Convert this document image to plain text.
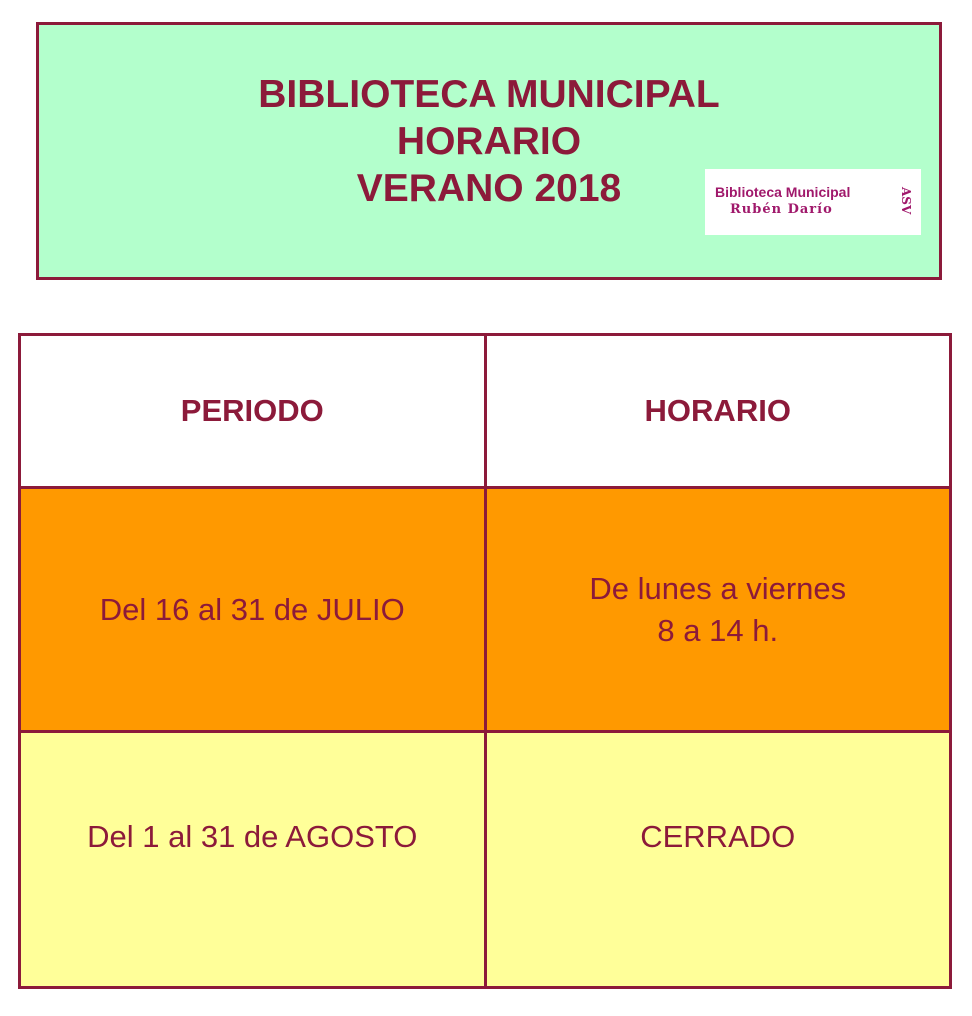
BIBLIOTECA MUNICIPAL
HORARIO
VERANO 2018	Biblioteca Municipal
Rubén Darío	ASV
PERIODO	HORARIO
Del 16 al 31 de JULIO	De lunes a viernes
8 a 14 h.

Del 1 al 31 de AGOSTO	CERRADO
